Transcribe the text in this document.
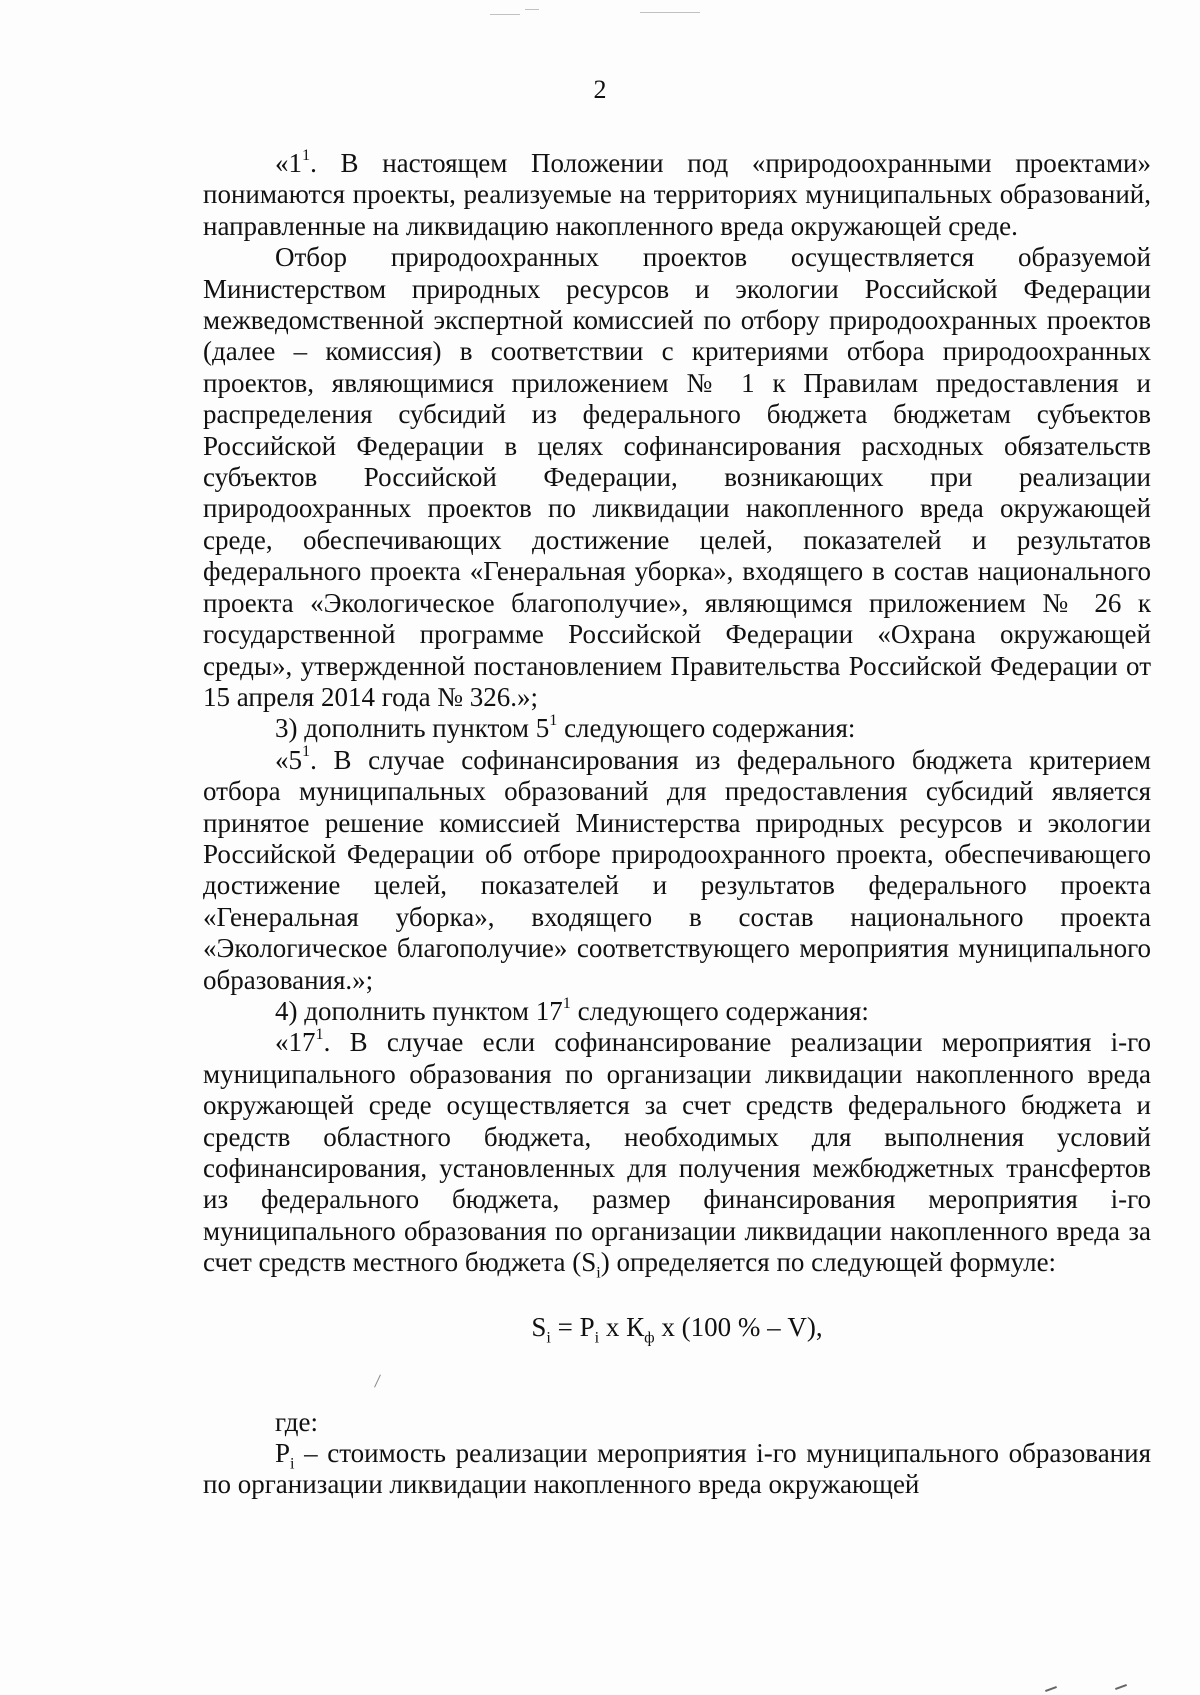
2

«$1^1$. В настоящем Положении под «природоохранными проектами» понимаются проекты, реализуемые на территориях муниципальных образований, направленные на ликвидацию накопленного вреда окружающей среде.

Отбор природоохранных проектов осуществляется образуемой Министерством природных ресурсов и экологии Российской Федерации межведомственной экспертной комиссией по отбору природоохранных проектов (далее – комиссия) в соответствии с критериями отбора природоохранных проектов, являющимися приложением № 1 к Правилам предоставления и распределения субсидий из федерального бюджета бюджетам субъектов Российской Федерации в целях софинансирования расходных обязательств субъектов Российской Федерации, возникающих при реализации природоохранных проектов по ликвидации накопленного вреда окружающей среде, обеспечивающих достижение целей, показателей и результатов федерального проекта «Генеральная уборка», входящего в состав национального проекта «Экологическое благополучие», являющимся приложением № 26 к государственной программе Российской Федерации «Охрана окружающей среды», утвержденной постановлением Правительства Российской Федерации от 15 апреля 2014 года № 326.»;

3) дополнить пунктом $5^1$ следующего содержания:

«$5^1$. В случае софинансирования из федерального бюджета критерием отбора муниципальных образований для предоставления субсидий является принятое решение комиссией Министерства природных ресурсов и экологии Российской Федерации об отборе природоохранного проекта, обеспечивающего достижение целей, показателей и результатов федерального проекта «Генеральная уборка», входящего в состав национального проекта «Экологическое благополучие» соответствующего мероприятия муниципального образования.»;

4) дополнить пунктом $17^1$ следующего содержания:

«$17^1$. В случае если софинансирование реализации мероприятия i-го муниципального образования по организации ликвидации накопленного вреда окружающей среде осуществляется за счет средств федерального бюджета и средств областного бюджета, необходимых для выполнения условий софинансирования, установленных для получения межбюджетных трансфертов из федерального бюджета, размер финансирования мероприятия i-го муниципального образования по организации ликвидации накопленного вреда за счет средств местного бюджета $(S_i)$ определяется по следующей формуле:

$S_i = P_i$ х $К_ф$ х (100 % – V),

где:

$P_i$ – стоимость реализации мероприятия i-го муниципального образования по организации ликвидации накопленного вреда окружающей
